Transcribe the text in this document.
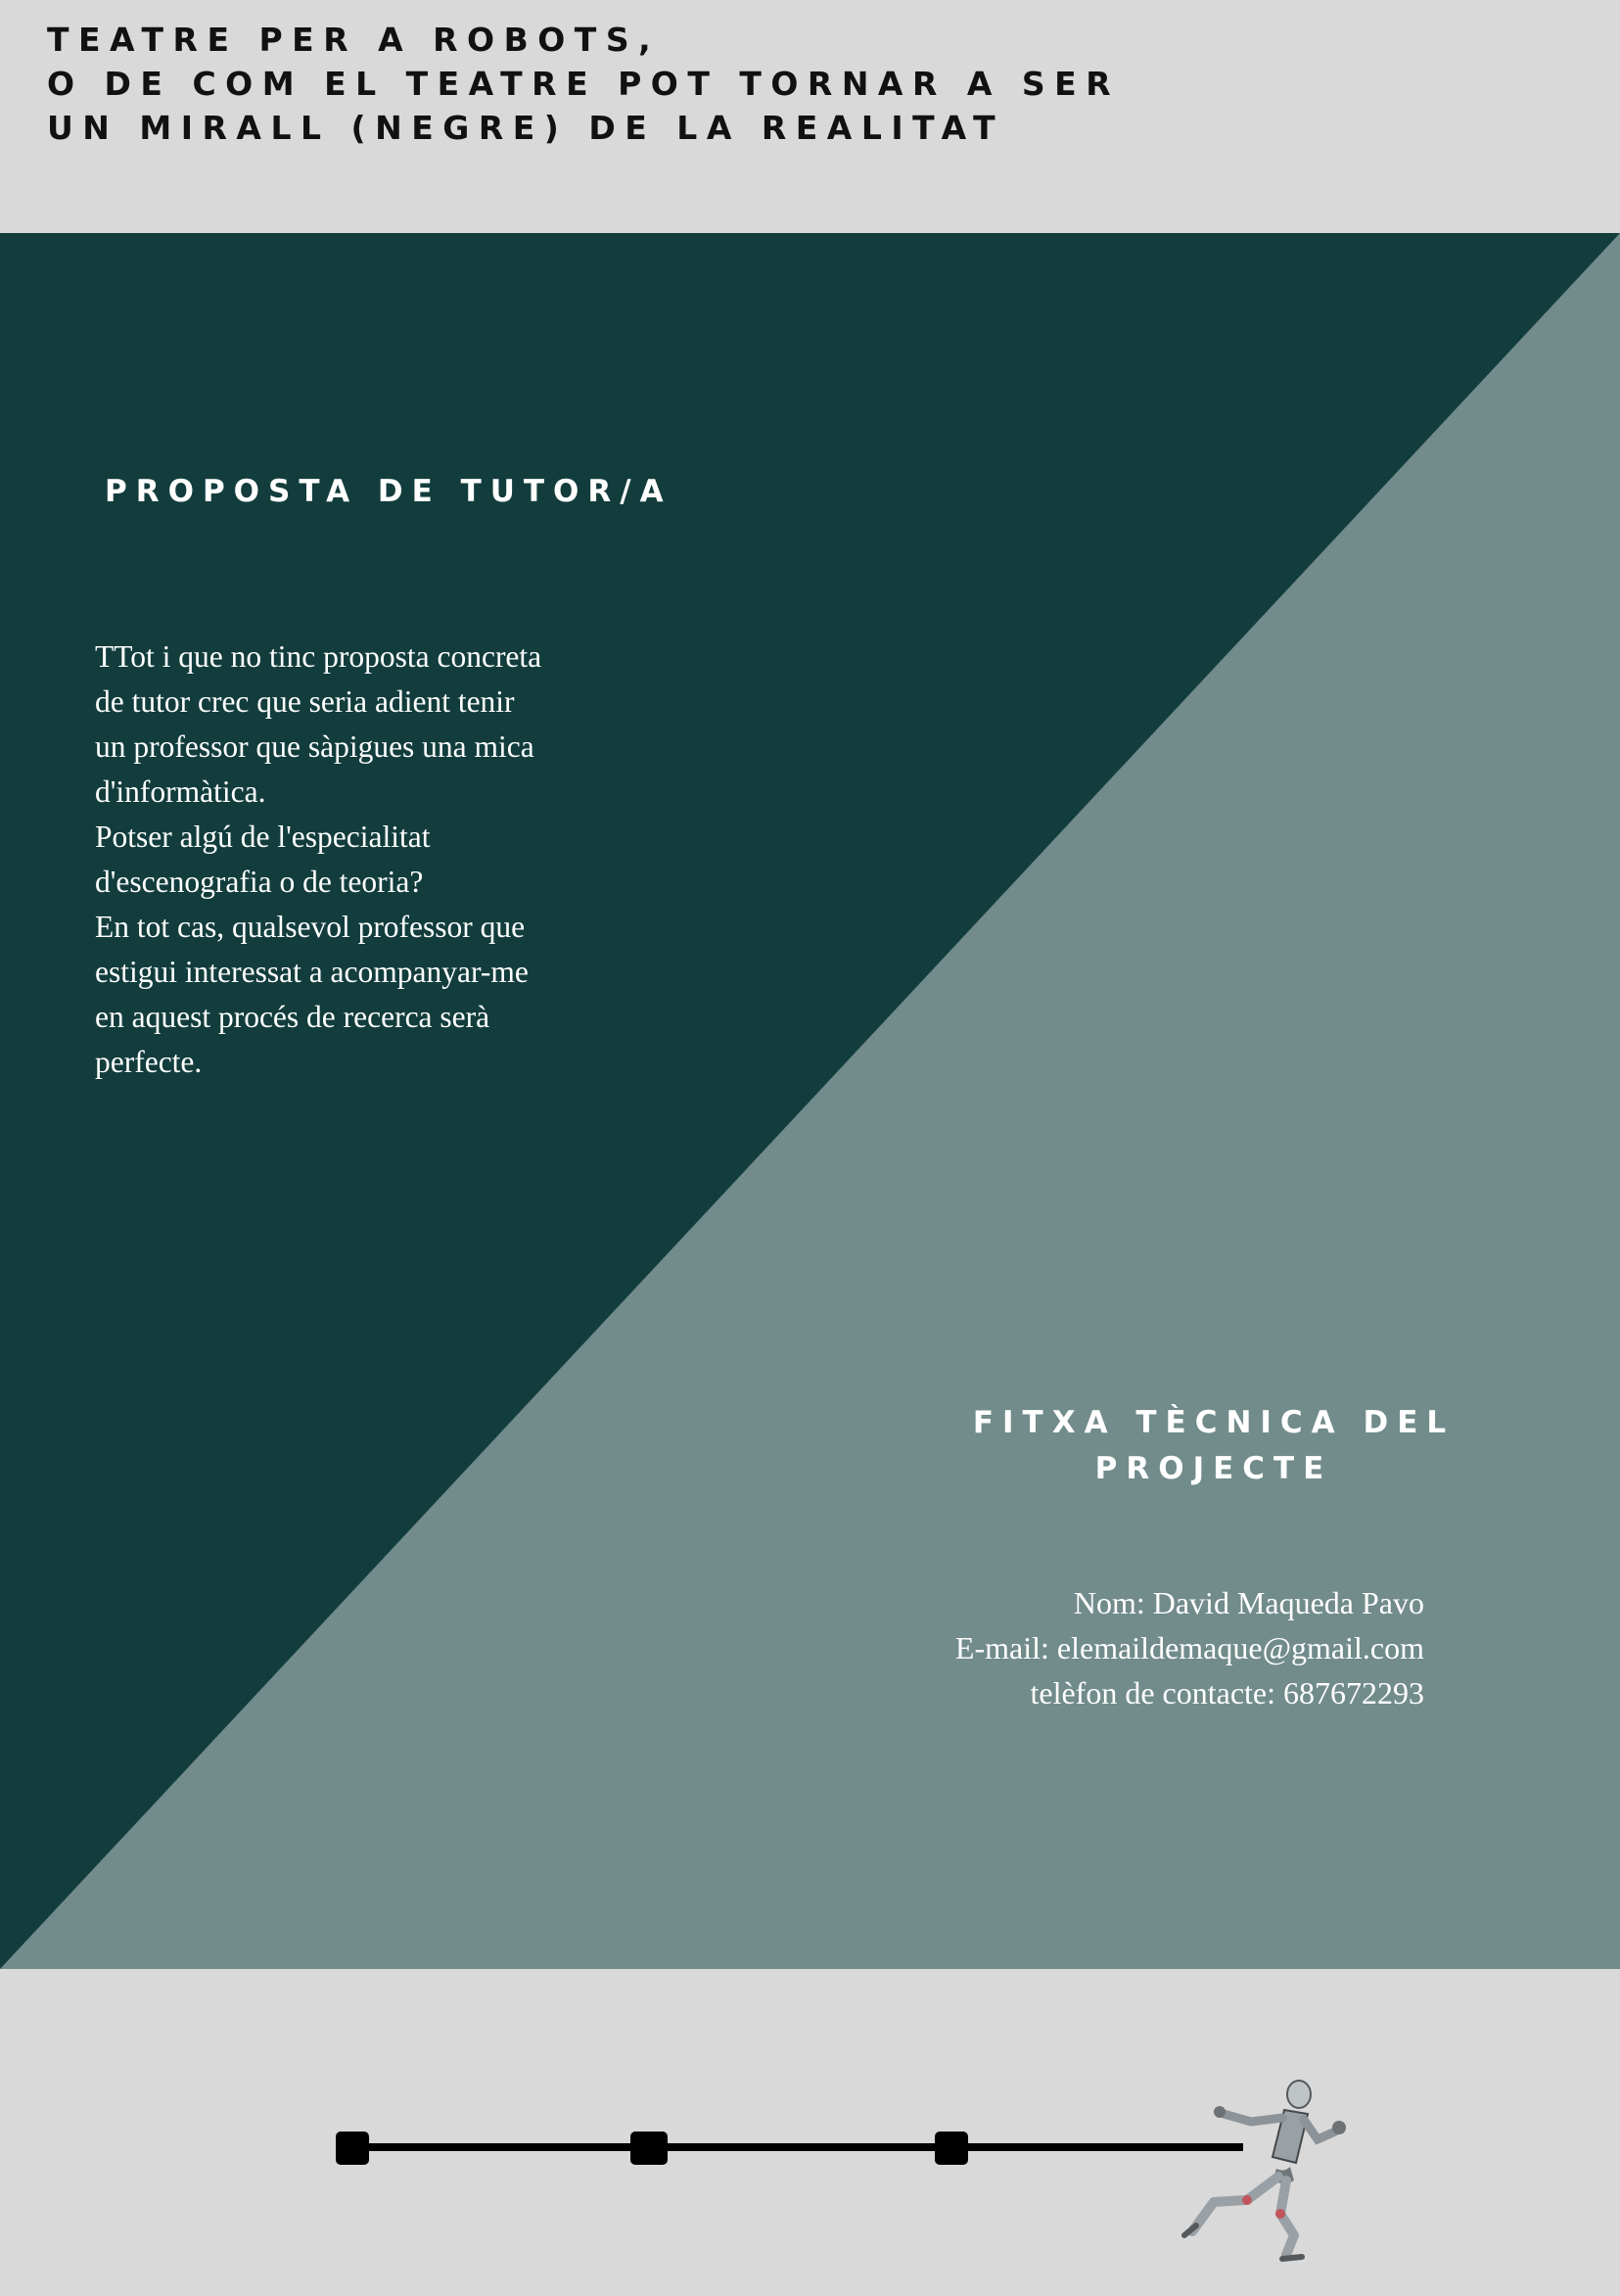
TEATRE PER A ROBOTS,
O DE COM EL TEATRE POT TORNAR A SER
UN MIRALL (NEGRE) DE LA REALITAT
PROPOSTA DE TUTOR/A

TTot i que no tinc proposta concreta

de tutor crec que seria adient tenir

un professor que sàpigues una mica

d'informàtica.

Potser algú de l'especialitat

d'escenografia o de teoria?

En tot cas, qualsevol professor que

estigui interessat a acompanyar-me

en aquest procés de recerca serà

perfecte.

FITXA TÈCNICA DEL
PROJECTE
Nom: David Maqueda Pavo
E-mail: elemaildemaque@gmail.com
telèfon de contacte: 687672293
